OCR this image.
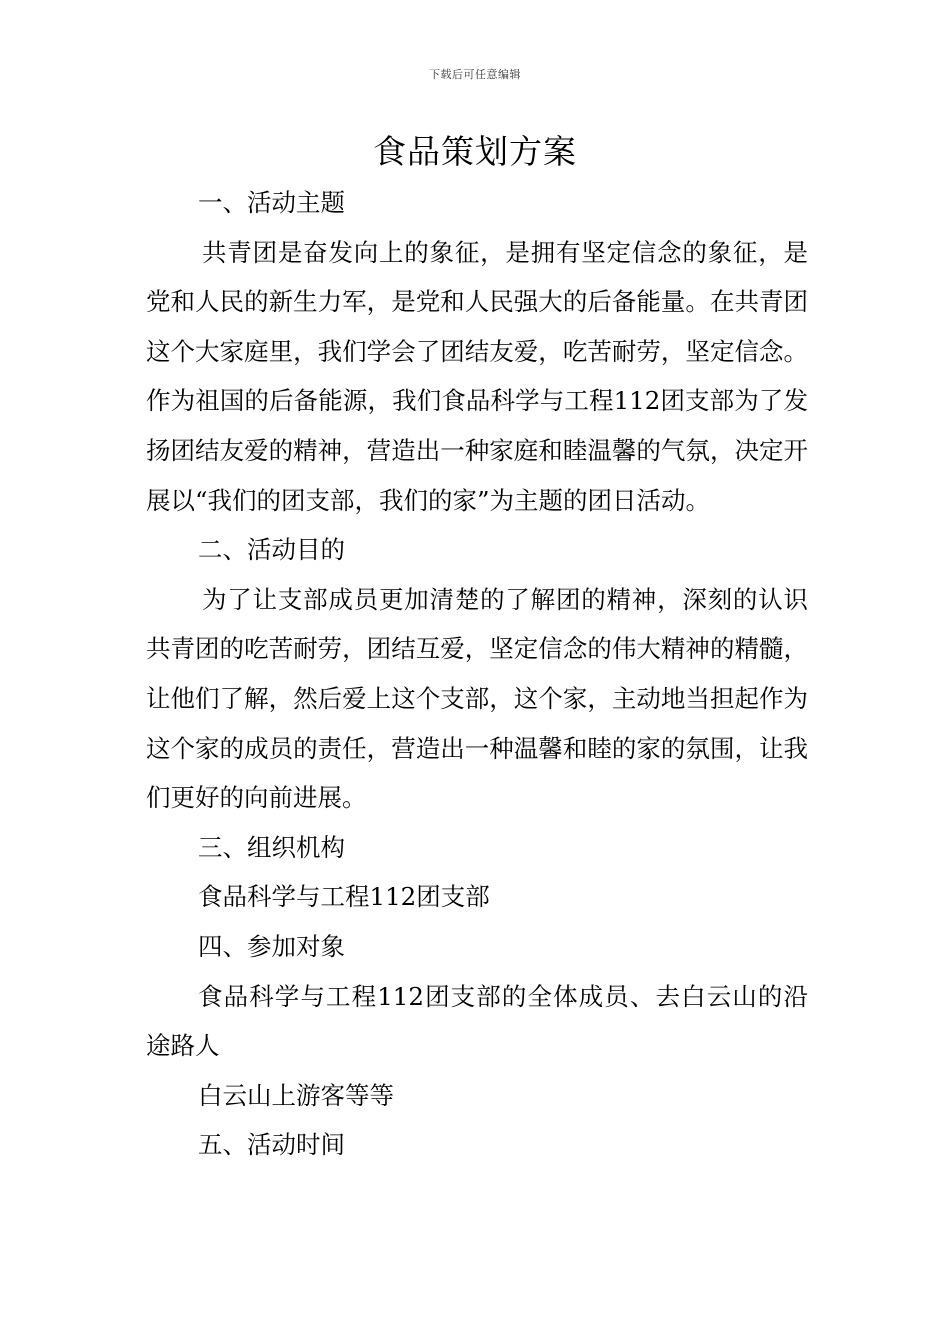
下载后可任意编辑
食品策划方案

一、活动主题

共青团是奋发向上的象征，是拥有坚定信念的象征，是党和人民的新生力军，是党和人民强大的后备能量。在共青团这个大家庭里，我们学会了团结友爱，吃苦耐劳，坚定信念。作为祖国的后备能源，我们食品科学与工程112团支部为了发扬团结友爱的精神，营造出一种家庭和睦温馨的气氛，决定开展以“我们的团支部，我们的家”为主题的团日活动。

二、活动目的

为了让支部成员更加清楚的了解团的精神，深刻的认识共青团的吃苦耐劳，团结互爱，坚定信念的伟大精神的精髓，让他们了解，然后爱上这个支部，这个家，主动地当担起作为这个家的成员的责任，营造出一种温馨和睦的家的氛围，让我们更好的向前进展。

三、组织机构

食品科学与工程112团支部

四、参加对象

食品科学与工程112团支部的全体成员、去白云山的沿途路人

白云山上游客等等

五、活动时间
